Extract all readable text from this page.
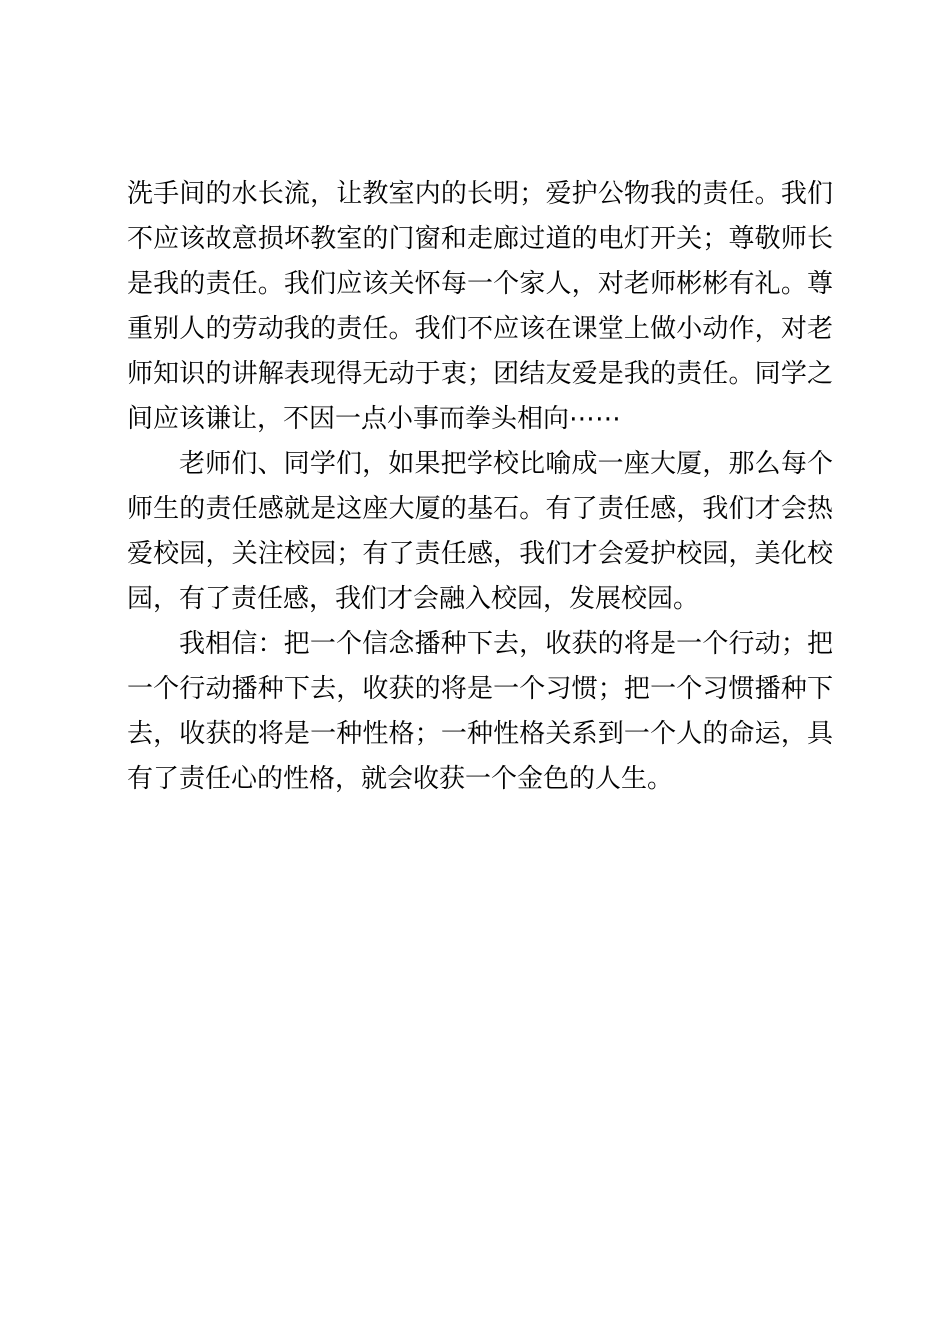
洗手间的水长流，让教室内的长明；爱护公物我的责任。我们不应该故意损坏教室的门窗和走廊过道的电灯开关；尊敬师长是我的责任。我们应该关怀每一个家人，对老师彬彬有礼。尊重别人的劳动我的责任。我们不应该在课堂上做小动作，对老师知识的讲解表现得无动于衷；团结友爱是我的责任。同学之间应该谦让，不因一点小事而拳头相向⋯⋯

老师们、同学们，如果把学校比喻成一座大厦，那么每个师生的责任感就是这座大厦的基石。有了责任感，我们才会热爱校园，关注校园；有了责任感，我们才会爱护校园，美化校园，有了责任感，我们才会融入校园，发展校园。

我相信：把一个信念播种下去，收获的将是一个行动；把一个行动播种下去，收获的将是一个习惯；把一个习惯播种下去，收获的将是一种性格；一种性格关系到一个人的命运，具有了责任心的性格，就会收获一个金色的人生。
